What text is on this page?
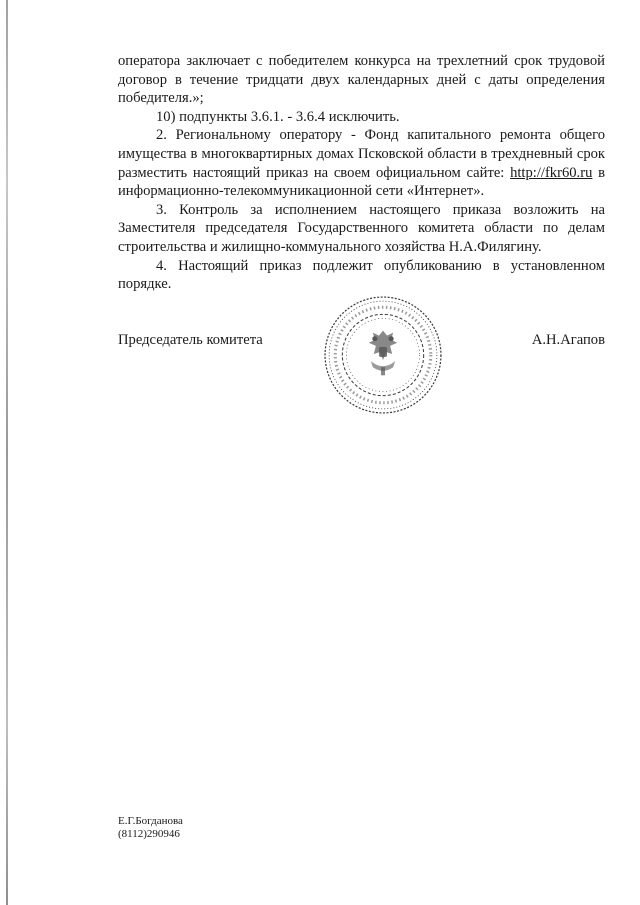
оператора заключает с победителем конкурса на трехлетний срок трудовой договор в течение тридцати двух календарных дней с даты определения победителя.»;

10) подпункты 3.6.1. - 3.6.4 исключить.

2. Региональному оператору - Фонд капитального ремонта общего имущества в многоквартирных домах Псковской области в трехдневный срок разместить настоящий приказ на своем официальном сайте: http://fkr60.ru в информационно-телекоммуникационной сети «Интернет».

3. Контроль за исполнением настоящего приказа возложить на Заместителя председателя Государственного комитета области по делам строительства и жилищно-коммунального хозяйства Н.А.Филягину.

4. Настоящий приказ подлежит опубликованию в установленном порядке.

Председатель комитета	А.Н.Агапов
Е.Г.Богданова
(8112)290946
